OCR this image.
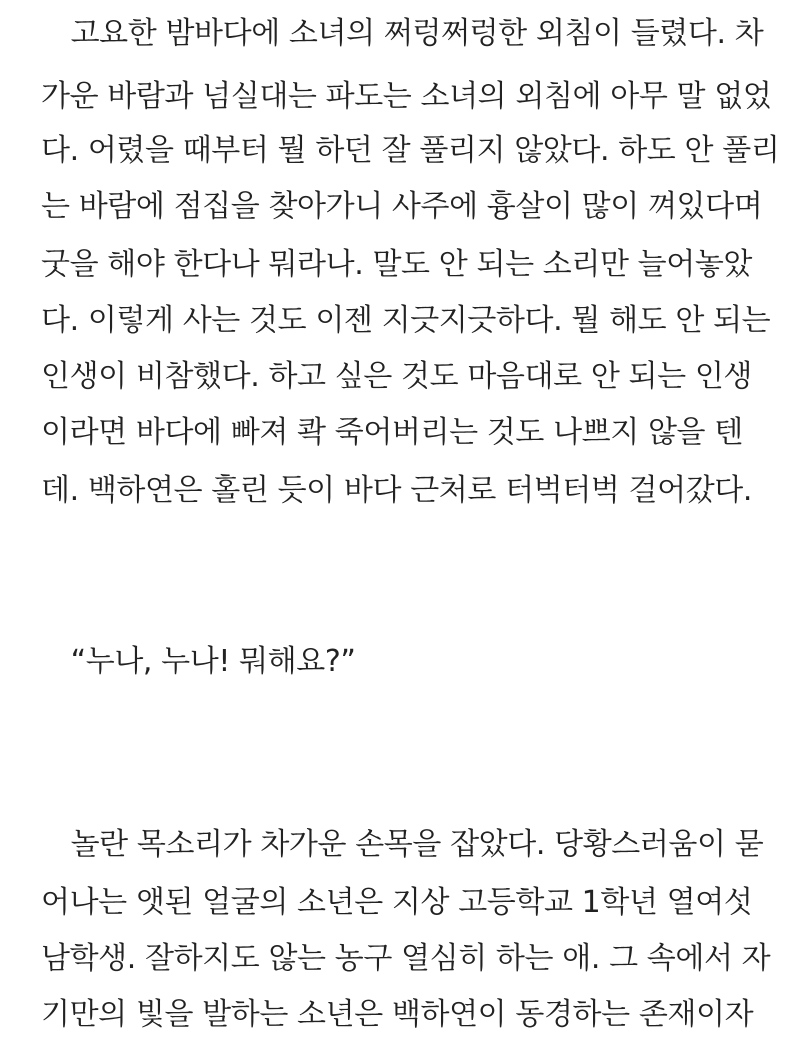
　고요한 밤바다에 소녀의 쩌렁쩌렁한 외침이 들렸다. 차
가운 바람과 넘실대는 파도는 소녀의 외침에 아무 말 없었
다. 어렸을 때부터 뭘 하던 잘 풀리지 않았다. 하도 안 풀리
는 바람에 점집을 찾아가니 사주에 흉살이 많이 껴있다며
굿을 해야 한다나 뭐라나. 말도 안 되는 소리만 늘어놓았
다. 이렇게 사는 것도 이젠 지긋지긋하다. 뭘 해도 안 되는
인생이 비참했다. 하고 싶은 것도 마음대로 안 되는 인생
이라면 바다에 빠져 콱 죽어버리는 것도 나쁘지 않을 텐
데. 백하연은 홀린 듯이 바다 근처로 터벅터벅 걸어갔다.
　“누나, 누나! 뭐해요?”
　놀란 목소리가 차가운 손목을 잡았다. 당황스러움이 묻
어나는 앳된 얼굴의 소년은 지상 고등학교 1학년 열여섯
남학생. 잘하지도 않는 농구 열심히 하는 애. 그 속에서 자
기만의 빛을 발하는 소년은 백하연이 동경하는 존재이자
